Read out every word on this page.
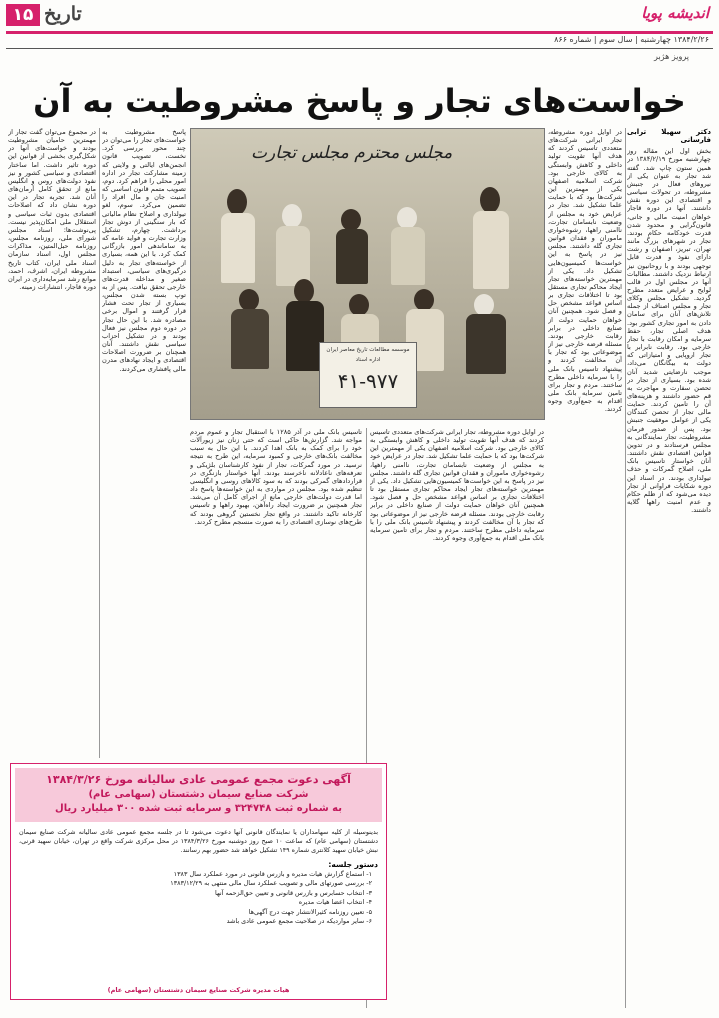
۱۵ تاریخ	اندیشه پویا
۱۳۸۴/۲/۲۶ چهارشنبه | سال سوم | شماره ۸۶۶
پرویز هژبر
خواست‌های تجار و پاسخ مشروطیت به آن
دکتر سهیلا ترابی فارسانی
بخش اول این مقاله روز چهارشنبه مورخ ۱۳۸۴/۲/۱۹ در همین ستون چاپ شد. گفته شد تجار به عنوان یکی از نیروهای فعال در جنبش مشروطه، در تحولات سیاسی و اقتصادی این دوره نقش داشتند. آنها در دوره قاجار خواهان امنیت مالی و جانی، قانون‌گرایی و محدود شدن قدرت خودکامه حکام بودند. تجار در شهرهای بزرگ مانند تهران، تبریز، اصفهان و رشت دارای نفوذ و قدرت قابل توجهی بودند و با روحانیون نیز ارتباط نزدیک داشتند. مطالبات آنها در مجلس اول در قالب لوایح و عرایض متعدد مطرح گردید. تشکیل مجلس وکلای تجار و مجلس اصناف از جمله تلاش‌های آنان برای سامان دادن به امور تجاری کشور بود. هدف اصلی تجار، حفظ سرمایه و امکان رقابت با تجار خارجی بود. رقابت نابرابر با تجار اروپایی و امتیازاتی که دولت به بیگانگان می‌داد، موجب نارضایتی شدید آنان شده بود. بسیاری از تجار در تحصن سفارت و مهاجرت به قم حضور داشتند و هزینه‌های آن را تامین کردند. حمایت مالی تجار از تحصن کنندگان یکی از عوامل موفقیت جنبش بود. پس از صدور فرمان مشروطیت، تجار نمایندگانی به مجلس فرستادند و در تدوین قوانین اقتصادی نقش داشتند. آنان خواستار تاسیس بانک ملی، اصلاح گمرکات و حذف تیولداری بودند. در اسناد این دوره شکایات فراوانی از تجار دیده می‌شود که از ظلم حکام و عدم امنیت راهها گلایه داشتند.
در اوایل دوره مشروطه، تجار ایرانی شرکت‌های متعددی تاسیس کردند که هدف آنها تقویت تولید داخلی و کاهش وابستگی به کالای خارجی بود. شرکت اسلامیه اصفهان یکی از مهمترین این شرکت‌ها بود که با حمایت علما تشکیل شد. تجار در عرایض خود به مجلس از وضعیت نابسامان تجارت، ناامنی راهها، رشوه‌خواری ماموران و فقدان قوانین تجاری گله داشتند. مجلس نیز در پاسخ به این خواست‌ها کمیسیون‌هایی تشکیل داد. یکی از مهمترین خواسته‌های تجار ایجاد محاکم تجاری مستقل بود تا اختلافات تجاری بر اساس قواعد مشخص حل و فصل شود. همچنین آنان خواهان حمایت دولت از صنایع داخلی در برابر رقابت خارجی بودند. مسئله قرضه خارجی نیز از موضوعاتی بود که تجار با آن مخالفت کردند و پیشنهاد تاسیس بانک ملی را با سرمایه داخلی مطرح ساختند. مردم و تجار برای تامین سرمایه بانک ملی اقدام به جمع‌آوری وجوه کردند.
در مجموع می‌توان گفت تجار از مهمترین حامیان مشروطیت بودند و خواست‌های آنها در شکل‌گیری بخشی از قوانین این دوره تاثیر داشت. اما ساختار اقتصادی و سیاسی کشور و نیز نفوذ دولت‌های روس و انگلیس مانع از تحقق کامل آرمان‌های آنان شد. تجربه تجار در این دوره نشان داد که اصلاحات اقتصادی بدون ثبات سیاسی و استقلال ملی امکان‌پذیر نیست. پی‌نوشت‌ها: اسناد مجلس شورای ملی، روزنامه مجلس، روزنامه حبل‌المتین، مذاکرات مجلس اول، اسناد سازمان اسناد ملی ایران، کتاب تاریخ مشروطه ایران، اشرف، احمد، موانع رشد سرمایه‌داری در ایران دوره قاجار، انتشارات زمینه.
پاسخ مشروطیت به خواست‌های تجار را می‌توان در چند محور بررسی کرد. نخست، تصویب قانون انجمن‌های ایالتی و ولایتی که زمینه مشارکت تجار در اداره امور محلی را فراهم کرد. دوم، تصویب متمم قانون اساسی که امنیت جان و مال افراد را تضمین می‌کرد. سوم، لغو تیولداری و اصلاح نظام مالیاتی که بار سنگینی از دوش تجار برداشت. چهارم، تشکیل وزارت تجارت و فواید عامه که به ساماندهی امور بازرگانی کمک کرد. با این همه، بسیاری از خواسته‌های تجار به دلیل درگیری‌های سیاسی، استبداد صغیر و مداخله قدرت‌های خارجی تحقق نیافت. پس از به توپ بسته شدن مجلس، بسیاری از تجار تحت فشار قرار گرفتند و اموال برخی مصادره شد. با این حال تجار در دوره دوم مجلس نیز فعال بودند و در تشکیل احزاب سیاسی نقش داشتند. آنان همچنان بر ضرورت اصلاحات اقتصادی و ایجاد نهادهای مدرن مالی پافشاری می‌کردند.
مجلس محترم مجلس تجارت
موسسه مطالعات تاریخ معاصر ایران
اداره اسناد
۴۱-۹۷۷
تاسیس بانک ملی در آذر ۱۲۸۵ با استقبال تجار و عموم مردم مواجه شد. گزارش‌ها حاکی است که حتی زنان نیز زیورآلات خود را برای کمک به بانک اهدا کردند. با این حال به سبب مخالفت بانک‌های خارجی و کمبود سرمایه، این طرح به نتیجه نرسید. در مورد گمرکات، تجار از نفوذ کارشناسان بلژیکی و تعرفه‌های ناعادلانه ناخرسند بودند. آنها خواستار بازنگری در قراردادهای گمرکی بودند که به سود کالاهای روسی و انگلیسی تنظیم شده بود. مجلس در مواردی به این خواسته‌ها پاسخ داد اما قدرت دولت‌های خارجی مانع از اجرای کامل آن می‌شد. تجار همچنین بر ضرورت ایجاد راه‌آهن، بهبود راهها و تاسیس کارخانه تاکید داشتند. در واقع تجار نخستین گروهی بودند که طرح‌های نوسازی اقتصادی را به صورت منسجم مطرح کردند.
در اوایل دوره مشروطه، تجار ایرانی شرکت‌های متعددی تاسیس کردند که هدف آنها تقویت تولید داخلی و کاهش وابستگی به کالای خارجی بود. شرکت اسلامیه اصفهان یکی از مهمترین این شرکت‌ها بود که با حمایت علما تشکیل شد. تجار در عرایض خود به مجلس از وضعیت نابسامان تجارت، ناامنی راهها، رشوه‌خواری ماموران و فقدان قوانین تجاری گله داشتند. مجلس نیز در پاسخ به این خواست‌ها کمیسیون‌هایی تشکیل داد. یکی از مهمترین خواسته‌های تجار ایجاد محاکم تجاری مستقل بود تا اختلافات تجاری بر اساس قواعد مشخص حل و فصل شود. همچنین آنان خواهان حمایت دولت از صنایع داخلی در برابر رقابت خارجی بودند. مسئله قرضه خارجی نیز از موضوعاتی بود که تجار با آن مخالفت کردند و پیشنهاد تاسیس بانک ملی را با سرمایه داخلی مطرح ساختند. مردم و تجار برای تامین سرمایه بانک ملی اقدام به جمع‌آوری وجوه کردند.
آگهی دعوت مجمع عمومی عادی سالیانه مورخ ۱۳۸۴/۳/۲۶
شرکت صنایع سیمان دشتستان (سهامی عام)
به شماره ثبت ۳۲۴۷۴۸ و سرمایه ثبت شده ۳۰۰ میلیارد ریال
بدینوسیله از کلیه سهامداران یا نمایندگان قانونی آنها دعوت می‌شود تا در جلسه مجمع عمومی عادی سالیانه شرکت صنایع سیمان دشتستان (سهامی عام) که ساعت ۱۰ صبح روز دوشنبه مورخ ۱۳۸۴/۳/۲۶ در محل مرکزی شرکت واقع در تهران، خیابان سهید قرنی، نبش خیابان سهید کلانتری شماره ۱۴۹ تشکیل خواهد شد حضور بهم رسانند.
دستور جلسه:
۱- استماع گزارش هیات مدیره و بازرس قانونی در مورد عملکرد سال ۱۳۸۳
۲- بررسی صورتهای مالی و تصویب عملکرد سال مالی منتهی به ۱۳۸۳/۱۲/۲۹
۳- انتخاب حسابرس و بازرس قانونی و تعیین حق‌الزحمه آنها
۴- انتخاب اعضا هیات مدیره
۵- تعیین روزنامه کثیرالانتشار جهت درج آگهی‌ها
۶- سایر مواردیکه در صلاحیت مجمع عمومی عادی باشد
هیات مدیره شرکت صنایع سیمان دشتستان (سهامی عام)
